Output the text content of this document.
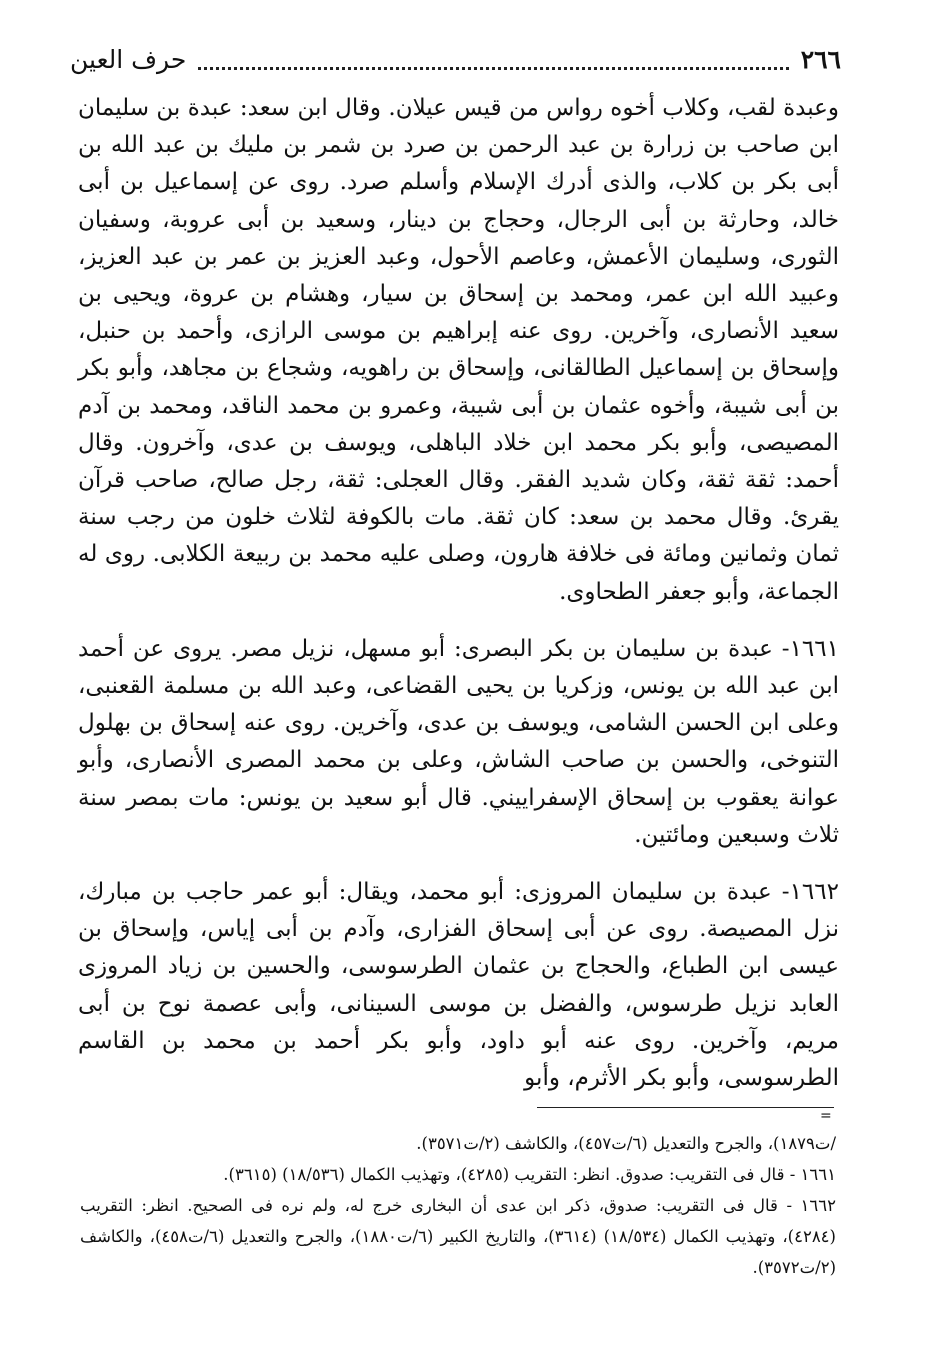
٢٦٦
حرف العين

وعبدة لقب، وكلاب أخوه رواس من قيس عيلان. وقال ابن سعد: عبدة بن سليمان ابن صاحب بن زرارة بن عبد الرحمن بن صرد بن شمر بن مليك بن عبد الله بن أبى بكر بن كلاب، والذى أدرك الإسلام وأسلم صرد. روى عن إسماعيل بن أبى خالد، وحارثة بن أبى الرجال، وحجاج بن دينار، وسعيد بن أبى عروبة، وسفيان الثورى، وسليمان الأعمش، وعاصم الأحول، وعبد العزيز بن عمر بن عبد العزيز، وعبيد الله ابن عمر، ومحمد بن إسحاق بن سيار، وهشام بن عروة، ويحيى بن سعيد الأنصارى، وآخرين. روى عنه إبراهيم بن موسى الرازى، وأحمد بن حنبل، وإسحاق بن إسماعيل الطالقانى، وإسحاق بن راهويه، وشجاع بن مجاهد، وأبو بكر بن أبى شيبة، وأخوه عثمان بن أبى شيبة، وعمرو بن محمد الناقد، ومحمد بن آدم المصيصى، وأبو بكر محمد ابن خلاد الباهلى، ويوسف بن عدى، وآخرون. وقال أحمد: ثقة ثقة، وكان شديد الفقر. وقال العجلى: ثقة، رجل صالح، صاحب قرآن يقرئ. وقال محمد بن سعد: كان ثقة. مات بالكوفة لثلاث خلون من رجب سنة ثمان وثمانين ومائة فى خلافة هارون، وصلى عليه محمد بن ربيعة الكلابى. روى له الجماعة، وأبو جعفر الطحاوى.

١٦٦١- عبدة بن سليمان بن بكر البصرى: أبو مسهل، نزيل مصر. يروى عن أحمد ابن عبد الله بن يونس، وزكريا بن يحيى القضاعى، وعبد الله بن مسلمة القعنبى، وعلى ابن الحسن الشامى، ويوسف بن عدى، وآخرين. روى عنه إسحاق بن بهلول التنوخى، والحسن بن صاحب الشاش، وعلى بن محمد المصرى الأنصارى، وأبو عوانة يعقوب بن إسحاق الإسفراييني. قال أبو سعيد بن يونس: مات بمصر سنة ثلاث وسبعين ومائتين.

١٦٦٢- عبدة بن سليمان المروزى: أبو محمد، ويقال: أبو عمر حاجب بن مبارك، نزل المصيصة. روى عن أبى إسحاق الفزارى، وآدم بن أبى إياس، وإسحاق بن عيسى ابن الطباع، والحجاج بن عثمان الطرسوسى، والحسين بن زياد المروزى العابد نزيل طرسوس، والفضل بن موسى السينانى، وأبى عصمة نوح بن أبى مريم، وآخرين. روى عنه أبو داود، وأبو بكر أحمد بن محمد بن القاسم الطرسوسى، وأبو بكر الأثرم، وأبو

=

/ت١٨٧٩)، والجرح والتعديل (٦/ت٤٥٧)، والكاشف (٢/ت٣٥٧١).

١٦٦١ - قال فى التقريب: صدوق. انظر: التقريب (٤٢٨٥)، وتهذيب الكمال (١٨/٥٣٦) (٣٦١٥).

١٦٦٢ - قال فى التقريب: صدوق، ذكر ابن عدى أن البخارى خرج له، ولم نره فى الصحيح. انظر: التقريب (٤٢٨٤)، وتهذيب الكمال (١٨/٥٣٤) (٣٦١٤)، والتاريخ الكبير (٦/ت١٨٨٠)، والجرح والتعديل (٦/ت٤٥٨)، والكاشف (٢/ت٣٥٧٢).
